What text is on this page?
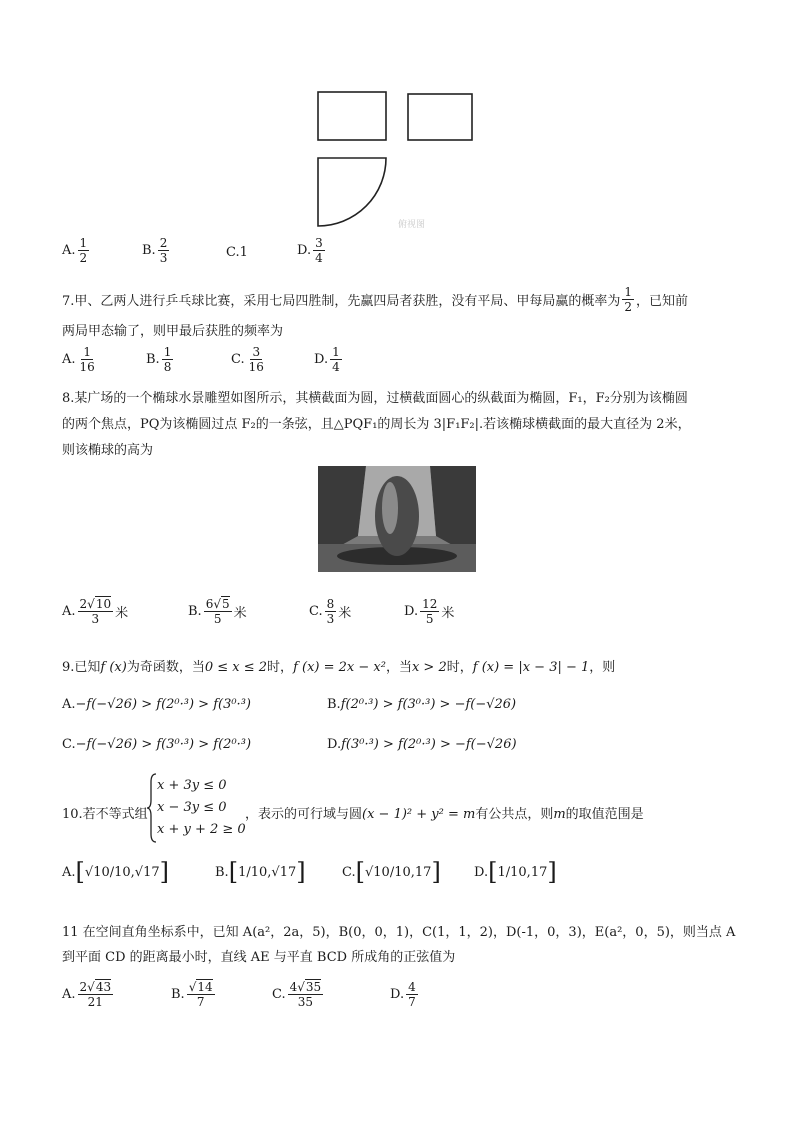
俯视图
A. $\frac{1}{2}$	B. $\frac{2}{3}$	C. 1	D. $\frac{3}{4}$
7.甲、乙两人进行乒乓球比赛，采用七局四胜制，先赢四局者获胜，没有平局、甲每局赢的概率为 $\frac{1}{2}$ ，已知前
两局甲态输了，则甲最后获胜的频率为
A. $\frac{1}{16}$	B. $\frac{1}{8}$	C. $\frac{3}{16}$	D. $\frac{1}{4}$
8.某广场的一个椭球水景雕塑如图所示，其横截面为圆，过横截面圆心的纵截面为椭圆，F₁，F₂分别为该椭圆
的两个焦点，PQ为该椭圆过点 F₂的一条弦，且△PQF₁的周长为 3|F₁F₂|.若该椭球横截面的最大直径为 2米，
则该椭球的高为
A. $\frac{2√10}{3}$ 米	B. $\frac{6√5}{5}$ 米	C. $\frac{8}{3}$ 米	D. $\frac{12}{5}$ 米
9.已知f (x)为奇函数，当0 ≤ x ≤ 2时，f (x) = 2x − x²，当x > 2时，f (x) = |x − 3| − 1，则
A. −f(−√26) > f(2⁰·³) > f(3⁰·³)	B. f(2⁰·³) > f(3⁰·³) > −f(−√26)
C. −f(−√26) > f(3⁰·³) > f(2⁰·³)	D. f(3⁰·³) > f(2⁰·³) > −f(−√26)
10.若不等式组
x + 3y ≤ 0
x − 3y ≤ 0
x + y + 2 ≥ 0
，表示的可行域与圆(x − 1)² + y² = m有公共点，则m的取值范围是
A. [ √10/10 , √17 ]	B. [ 1/10 , √17 ]	C. [ √10/10 , 17 ]	D. [ 1/10 , 17 ]
11 在空间直角坐标系中，已知 A(a²，2a，5)，B(0，0，1)，C(1，1，2)，D(-1，0，3)，E(a²，0，5)，则当点 A
到平面 CD 的距离最小时，直线 AE 与平直 BCD 所成角的正弦值为
A. $\frac{2√43}{21}$	B. $\frac{√14}{7}$	C. $\frac{4√35}{35}$	D. $\frac{4}{7}$
